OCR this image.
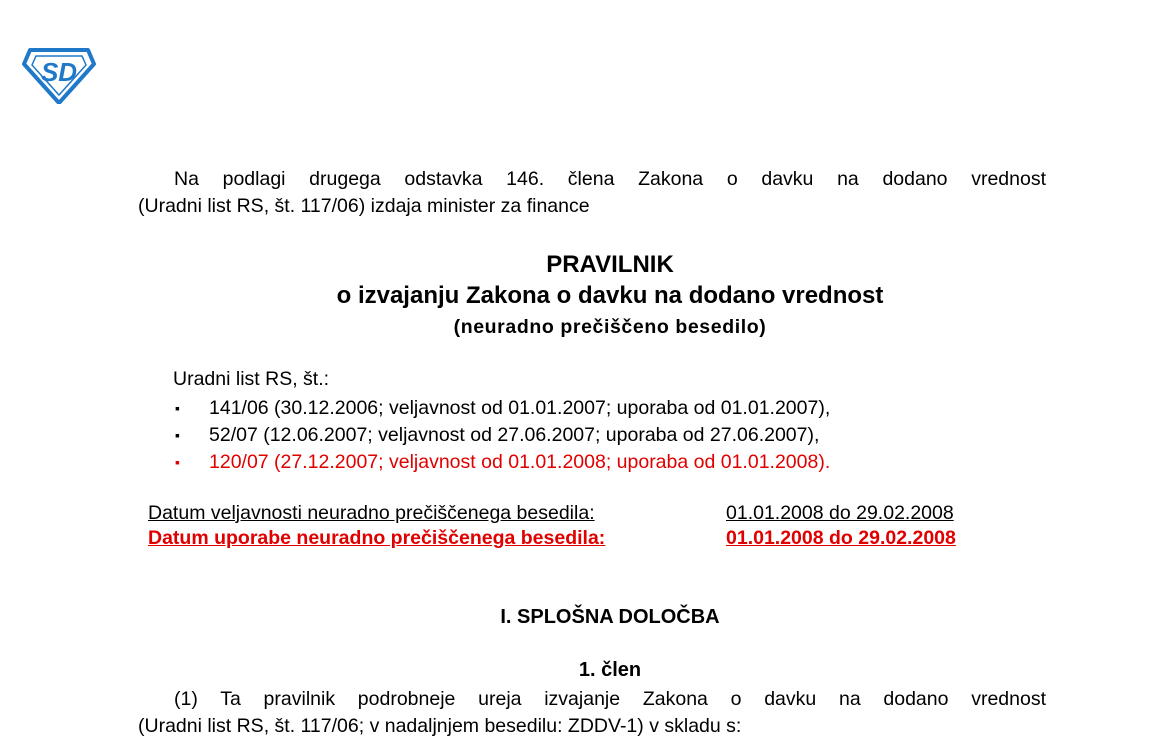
SD
Na podlagi drugega odstavka 146. člena Zakona o davku na dodano vrednost
(Uradni list RS, št. 117/06) izdaja minister za finance
PRAVILNIK
o izvajanju Zakona o davku na dodano vrednost
(neuradno prečiščeno besedilo)
Uradni list RS, št.:
▪ 141/06 (30.12.2006; veljavnost od 01.01.2007; uporaba od 01.01.2007),
▪ 52/07 (12.06.2007; veljavnost od 27.06.2007; uporaba od 27.06.2007),
▪ 120/07 (27.12.2007; veljavnost od 01.01.2008; uporaba od 01.01.2008).
Datum veljavnosti neuradno prečiščenega besedila:	01.01.2008 do 29.02.2008
Datum uporabe neuradno prečiščenega besedila:	01.01.2008 do 29.02.2008
I. SPLOŠNA DOLOČBA
1. člen
(1) Ta pravilnik podrobneje ureja izvajanje Zakona o davku na dodano vrednost
(Uradni list RS, št. 117/06; v nadaljnjem besedilu: ZDDV-1) v skladu s:
